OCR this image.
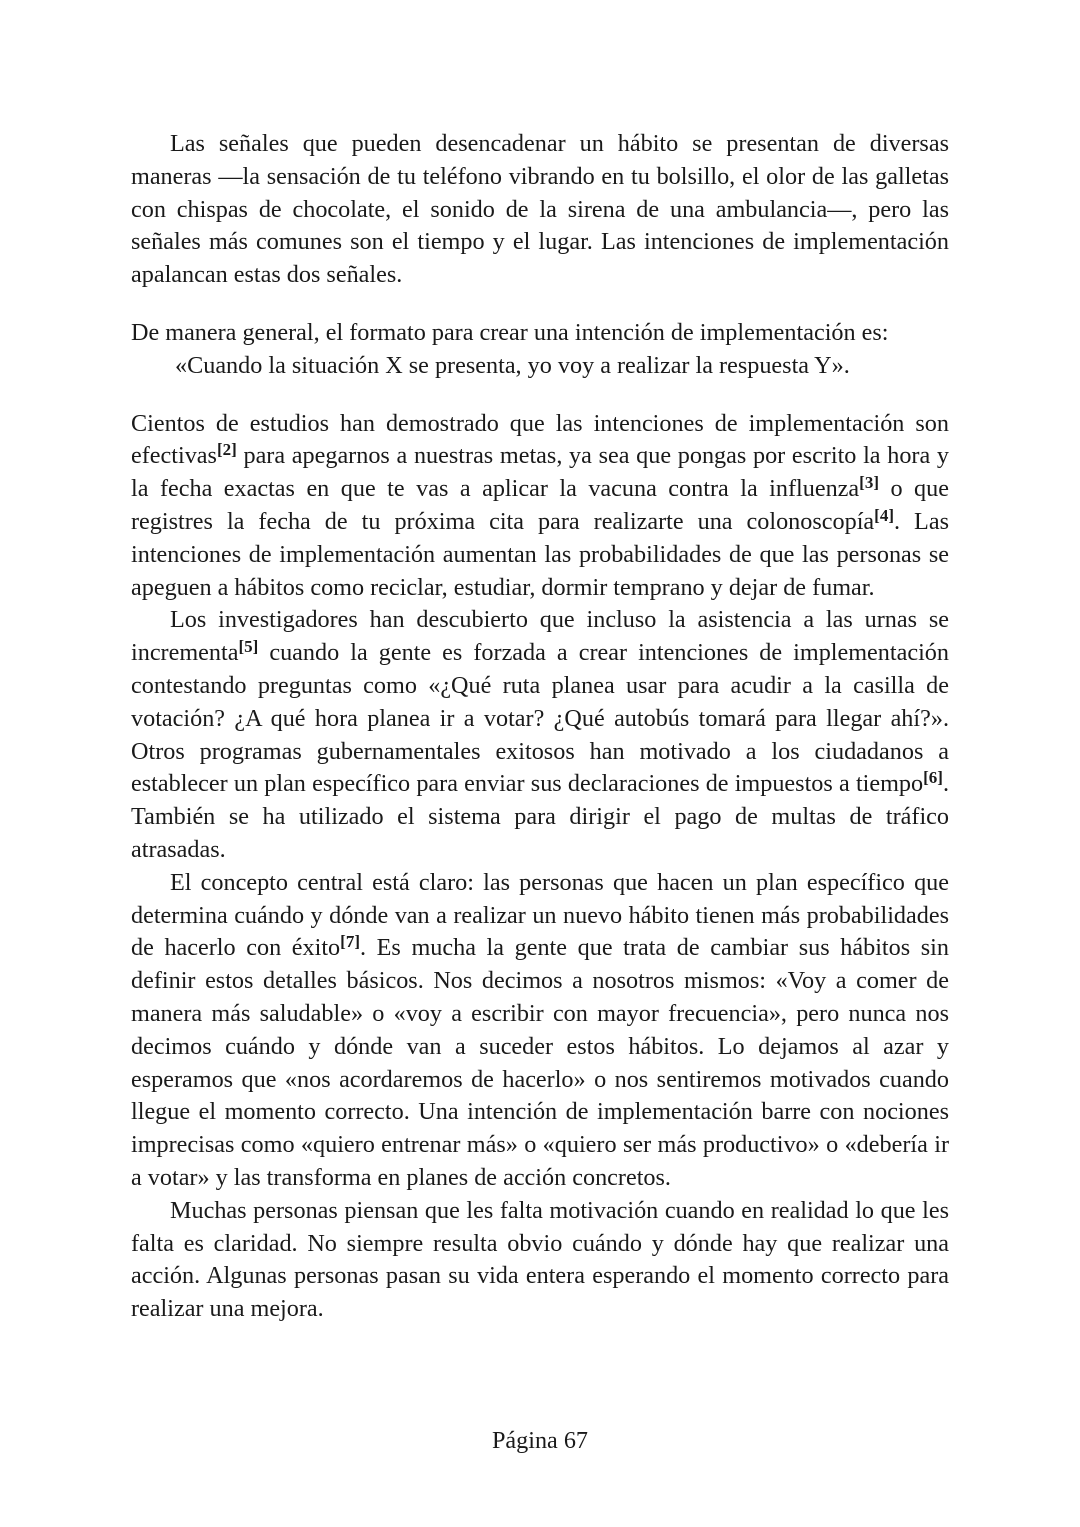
Las señales que pueden desencadenar un hábito se presentan de diversas maneras —la sensación de tu teléfono vibrando en tu bolsillo, el olor de las galletas con chispas de chocolate, el sonido de la sirena de una ambulancia—, pero las señales más comunes son el tiempo y el lugar. Las intenciones de implementación apalancan estas dos señales.

De manera general, el formato para crear una intención de implementación es:

«Cuando la situación X se presenta, yo voy a realizar la respuesta Y».

Cientos de estudios han demostrado que las intenciones de implementación son efectivas[2] para apegarnos a nuestras metas, ya sea que pongas por escrito la hora y la fecha exactas en que te vas a aplicar la vacuna contra la influenza[3] o que registres la fecha de tu próxima cita para realizarte una colonoscopía[4]. Las intenciones de implementación aumentan las probabilidades de que las personas se apeguen a hábitos como reciclar, estudiar, dormir temprano y dejar de fumar.

Los investigadores han descubierto que incluso la asistencia a las urnas se incrementa[5] cuando la gente es forzada a crear intenciones de implementación contestando preguntas como «¿Qué ruta planea usar para acudir a la casilla de votación? ¿A qué hora planea ir a votar? ¿Qué autobús tomará para llegar ahí?». Otros programas gubernamentales exitosos han motivado a los ciudadanos a establecer un plan específico para enviar sus declaraciones de impuestos a tiempo[6]. También se ha utilizado el sistema para dirigir el pago de multas de tráfico atrasadas.

El concepto central está claro: las personas que hacen un plan específico que determina cuándo y dónde van a realizar un nuevo hábito tienen más probabilidades de hacerlo con éxito[7]. Es mucha la gente que trata de cambiar sus hábitos sin definir estos detalles básicos. Nos decimos a nosotros mismos: «Voy a comer de manera más saludable» o «voy a escribir con mayor frecuencia», pero nunca nos decimos cuándo y dónde van a suceder estos hábitos. Lo dejamos al azar y esperamos que «nos acordaremos de hacerlo» o nos sentiremos motivados cuando llegue el momento correcto. Una intención de implementación barre con nociones imprecisas como «quiero entrenar más» o «quiero ser más productivo» o «debería ir a votar» y las transforma en planes de acción concretos.

Muchas personas piensan que les falta motivación cuando en realidad lo que les falta es claridad. No siempre resulta obvio cuándo y dónde hay que realizar una acción. Algunas personas pasan su vida entera esperando el momento correcto para realizar una mejora.

Página 67
